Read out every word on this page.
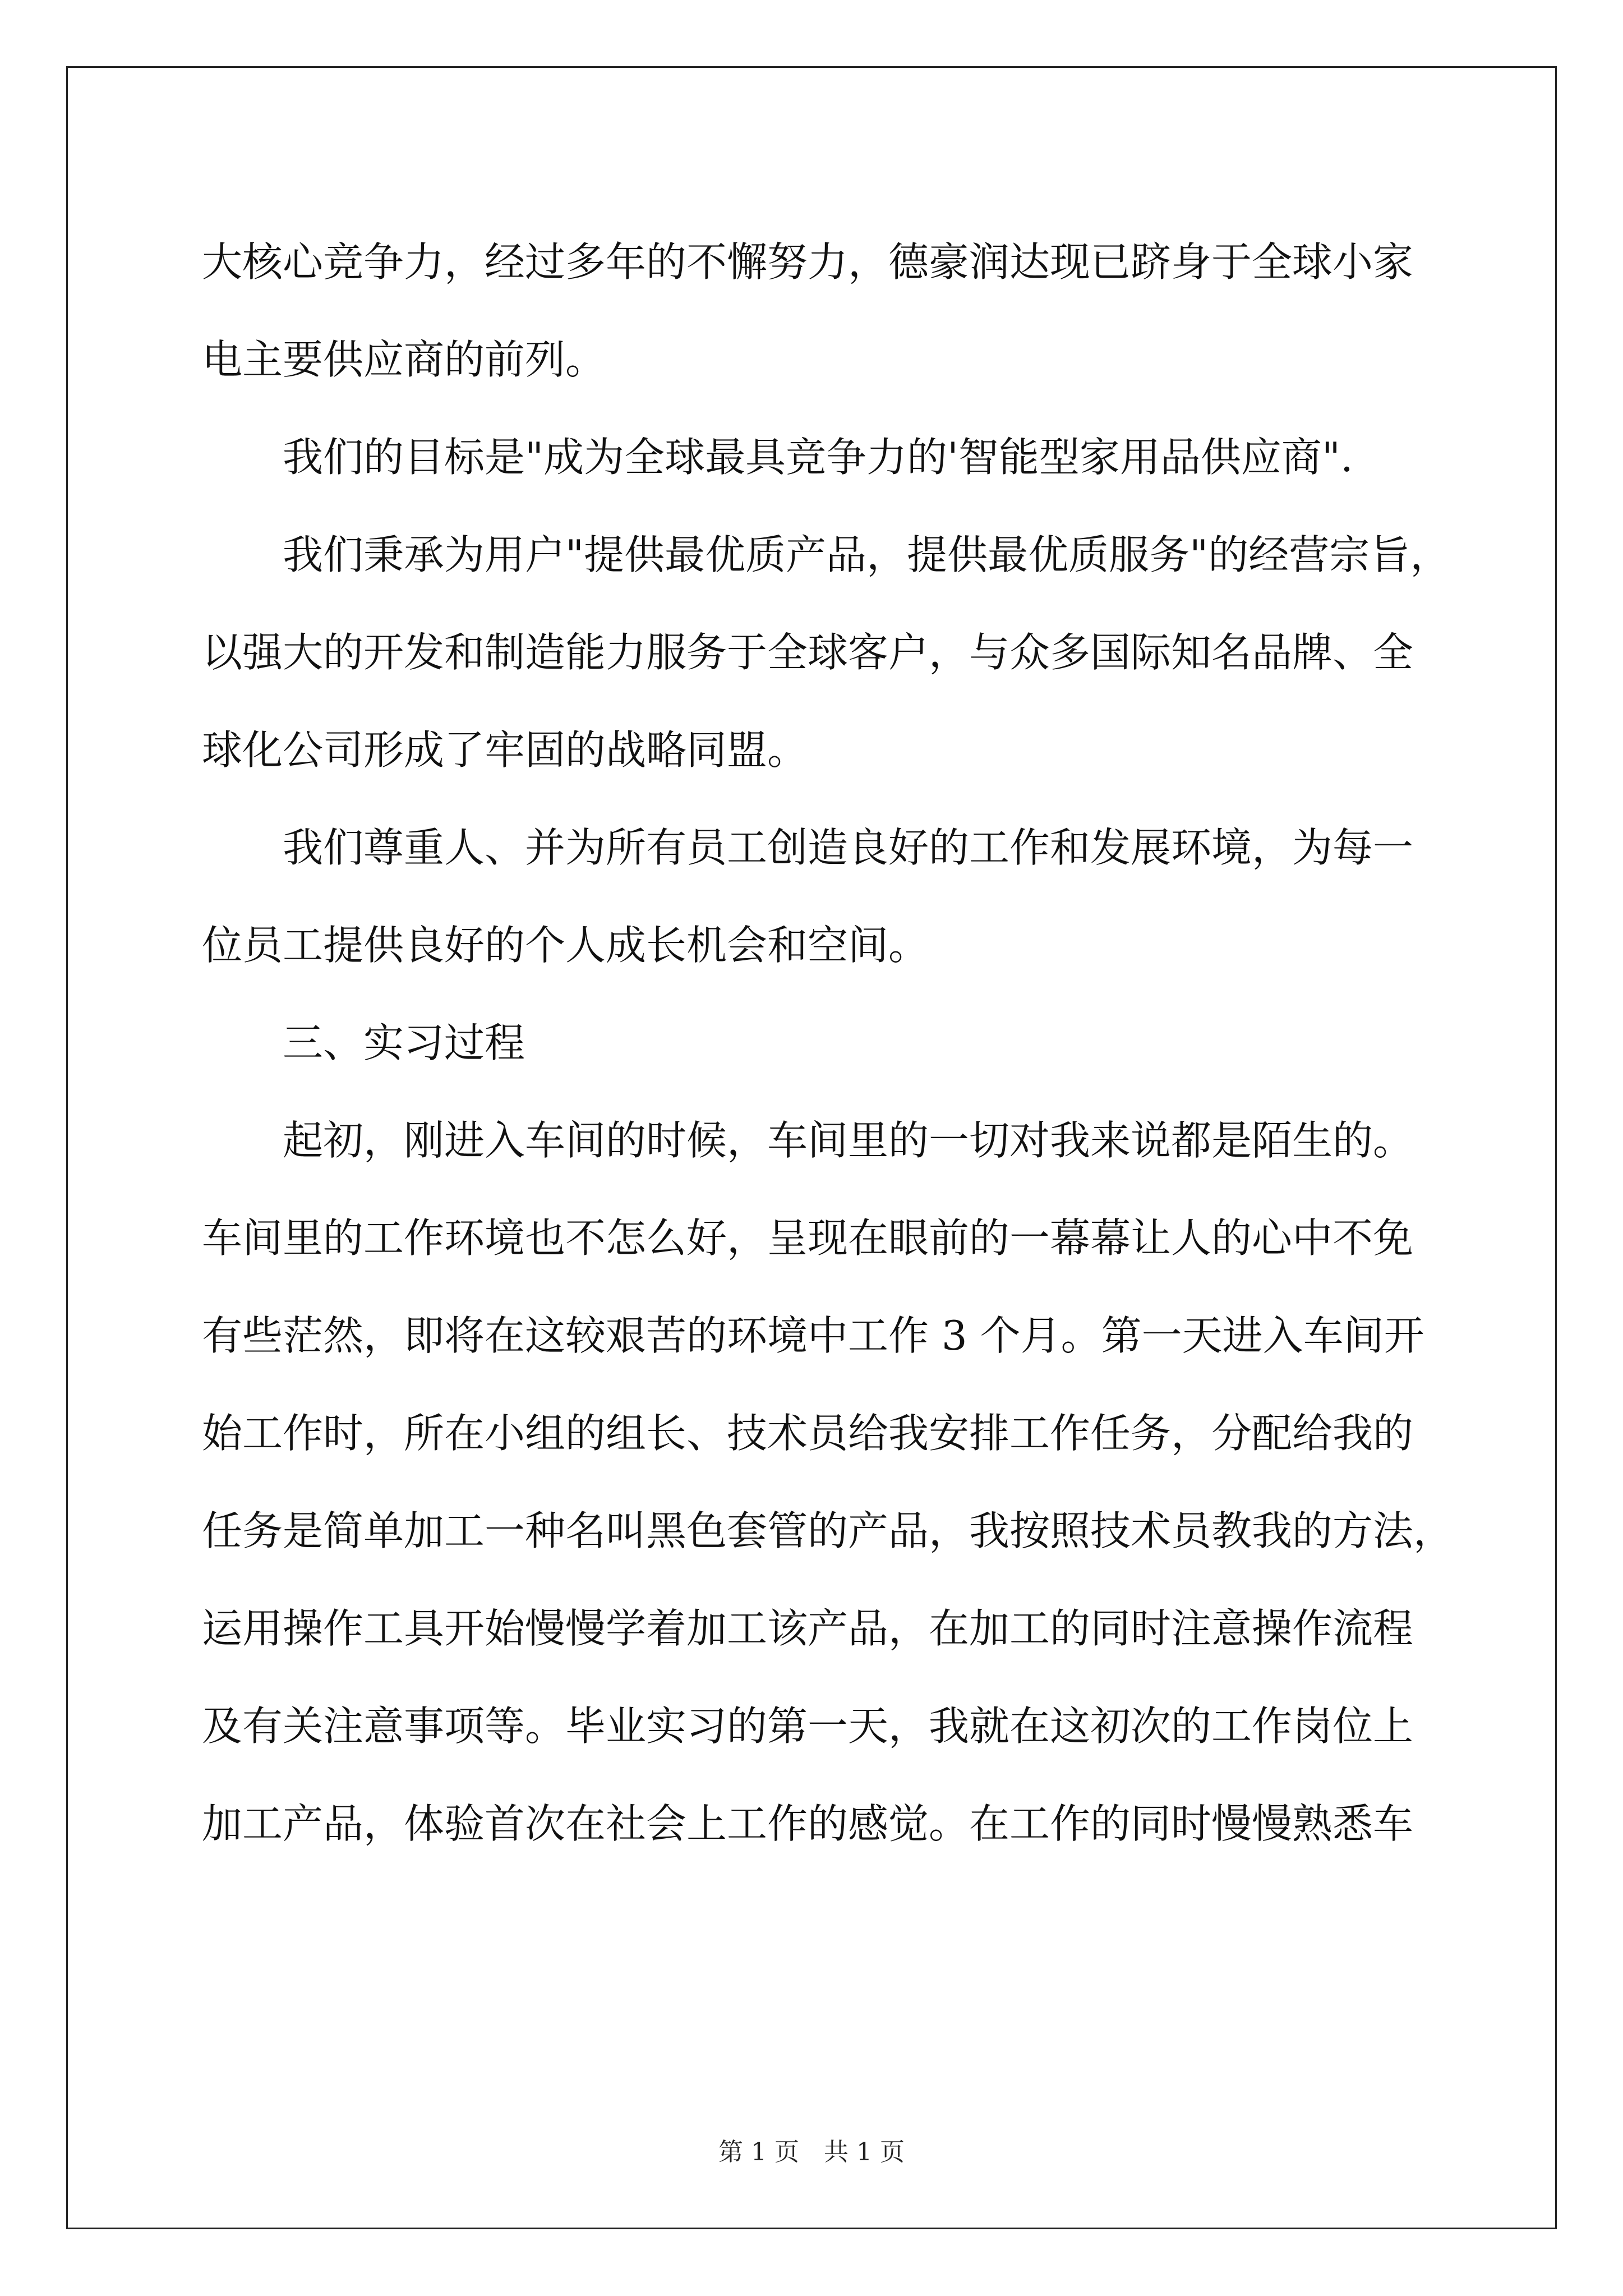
大核心竞争力，经过多年的不懈努力，德豪润达现已跻身于全球小家
电主要供应商的前列。
我们的目标是"成为全球最具竞争力的'智能型家用品供应商".
我们秉承为用户"提供最优质产品，提供最优质服务"的经营宗旨，
以强大的开发和制造能力服务于全球客户，与众多国际知名品牌、全
球化公司形成了牢固的战略同盟。
我们尊重人、并为所有员工创造良好的工作和发展环境，为每一
位员工提供良好的个人成长机会和空间。
三、实习过程
起初，刚进入车间的时候，车间里的一切对我来说都是陌生的。
车间里的工作环境也不怎么好，呈现在眼前的一幕幕让人的心中不免
有些茫然，即将在这较艰苦的环境中工作 3 个月。第一天进入车间开
始工作时，所在小组的组长、技术员给我安排工作任务，分配给我的
任务是简单加工一种名叫黑色套管的产品，我按照技术员教我的方法，
运用操作工具开始慢慢学着加工该产品，在加工的同时注意操作流程
及有关注意事项等。毕业实习的第一天，我就在这初次的工作岗位上
加工产品，体验首次在社会上工作的感觉。在工作的同时慢慢熟悉车
第 1 页　共 1 页
